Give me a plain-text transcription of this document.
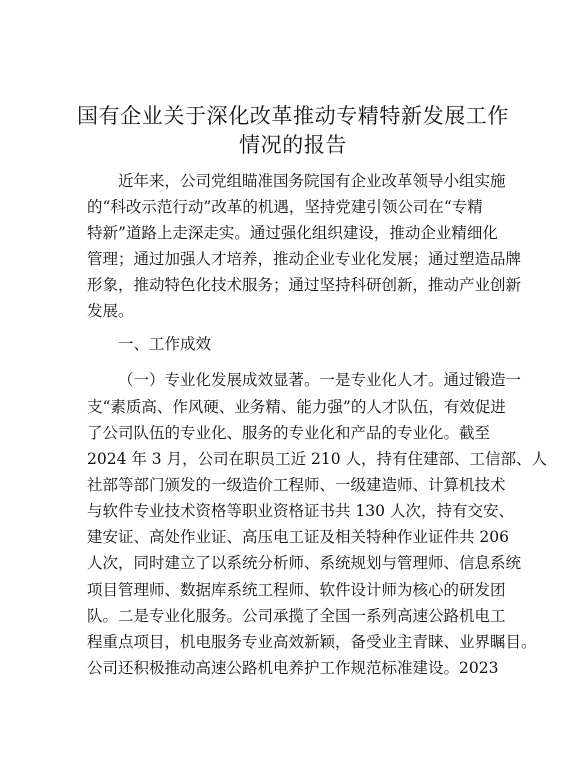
国有企业关于深化改革推动专精特新发展工作
情况的报告
近年来，公司党组瞄准国务院国有企业改革领导小组实施
的“科改示范行动”改革的机遇，坚持党建引领公司在“专精
特新”道路上走深走实。通过强化组织建设，推动企业精细化
管理；通过加强人才培养，推动企业专业化发展；通过塑造品牌
形象，推动特色化技术服务；通过坚持科研创新，推动产业创新
发展。
一、工作成效
（一）专业化发展成效显著。一是专业化人才。通过锻造一
支“素质高、作风硬、业务精、能力强”的人才队伍，有效促进
了公司队伍的专业化、服务的专业化和产品的专业化。截至
2024 年 3 月，公司在职员工近 210 人，持有住建部、工信部、人
社部等部门颁发的一级造价工程师、一级建造师、计算机技术
与软件专业技术资格等职业资格证书共 130 人次，持有交安、
建安证、高处作业证、高压电工证及相关特种作业证件共 206
人次，同时建立了以系统分析师、系统规划与管理师、信息系统
项目管理师、数据库系统工程师、软件设计师为核心的研发团
队。二是专业化服务。公司承揽了全国一系列高速公路机电工
程重点项目，机电服务专业高效新颖，备受业主青睐、业界瞩目。
公司还积极推动高速公路机电养护工作规范标准建设。2023
